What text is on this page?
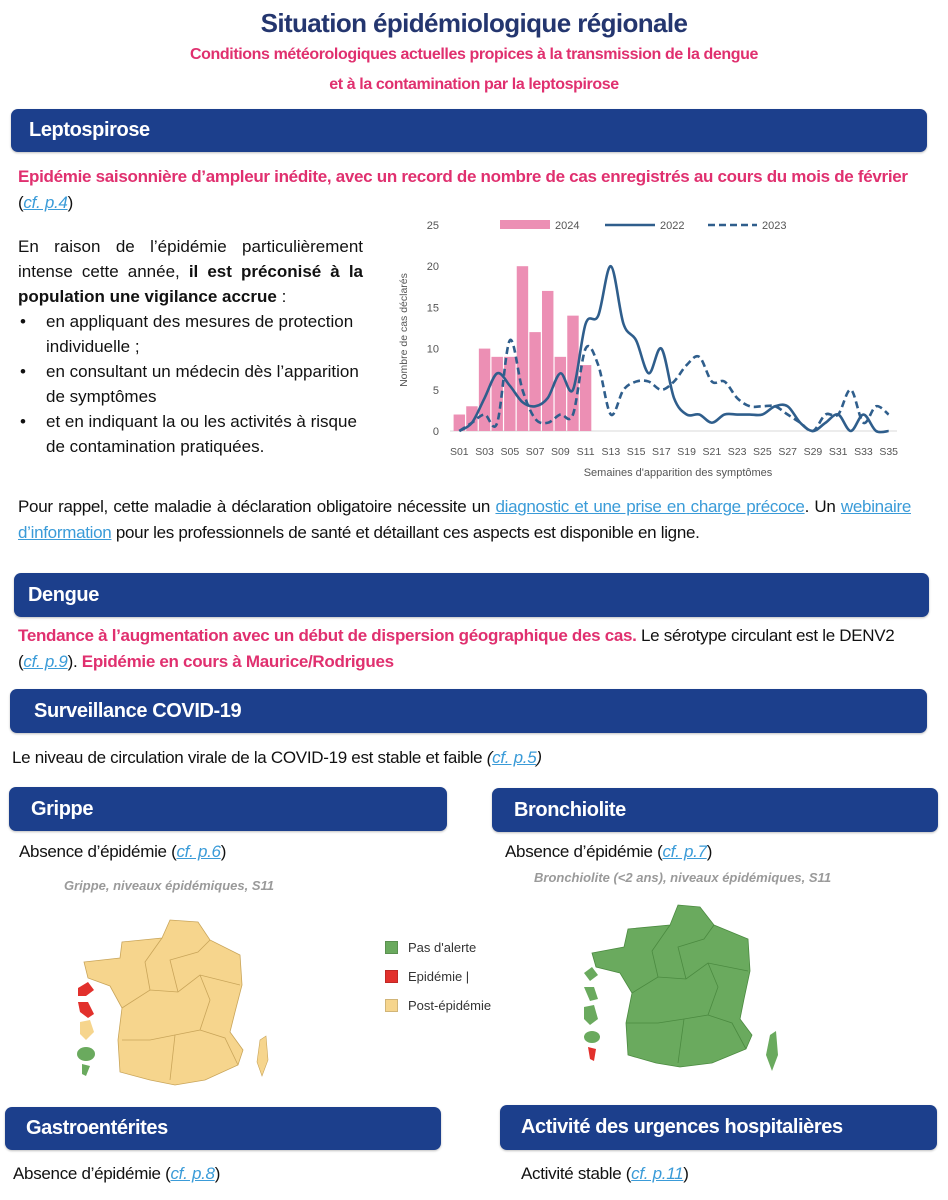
Situation épidémiologique régionale
Conditions météorologiques actuelles propices à la transmission de la dengue
et à la contamination par la leptospirose
Leptospirose
Epidémie saisonnière d’ampleur inédite, avec un record de nombre de cas enregistrés au cours du mois de février (cf. p.4)
En raison de l’épidémie particulièrement intense cette année, il est préconisé à la population une vigilance accrue :
• en appliquant des mesures de protection individuelle ;
• en consultant un médecin dès l’apparition de symptômes
• et en indiquant la ou les activités à risque de contamination pratiquées.
2024	2022	2023
Nombre de cas déclarés
Semaines d'apparition des symptômes
0
5
10
15
20
25
S01 S03 S05 S07 S09 S11 S13 S15 S17 S19 S21 S23 S25 S27 S29 S31 S33 S35
Pour rappel, cette maladie à déclaration obligatoire nécessite un diagnostic et une prise en charge précoce. Un webinaire d’information pour les professionnels de santé et détaillant ces aspects est disponible en ligne.
Dengue
Tendance à l’augmentation avec un début de dispersion géographique des cas. Le sérotype circulant est le DENV2 (cf. p.9). Epidémie en cours à Maurice/Rodrigues
Surveillance COVID-19
Le niveau de circulation virale de la COVID-19 est stable et faible (cf. p.5)
Grippe
Absence d’épidémie (cf. p.6)
Grippe, niveaux épidémiques, S11
Bronchiolite
Absence d’épidémie (cf. p.7)
Bronchiolite (<2 ans), niveaux épidémiques, S11
Pas d'alerte
Epidémie |
Post-épidémie
Gastroentérites
Absence d’épidémie (cf. p.8)
Activité des urgences hospitalières
Activité stable (cf. p.11)
